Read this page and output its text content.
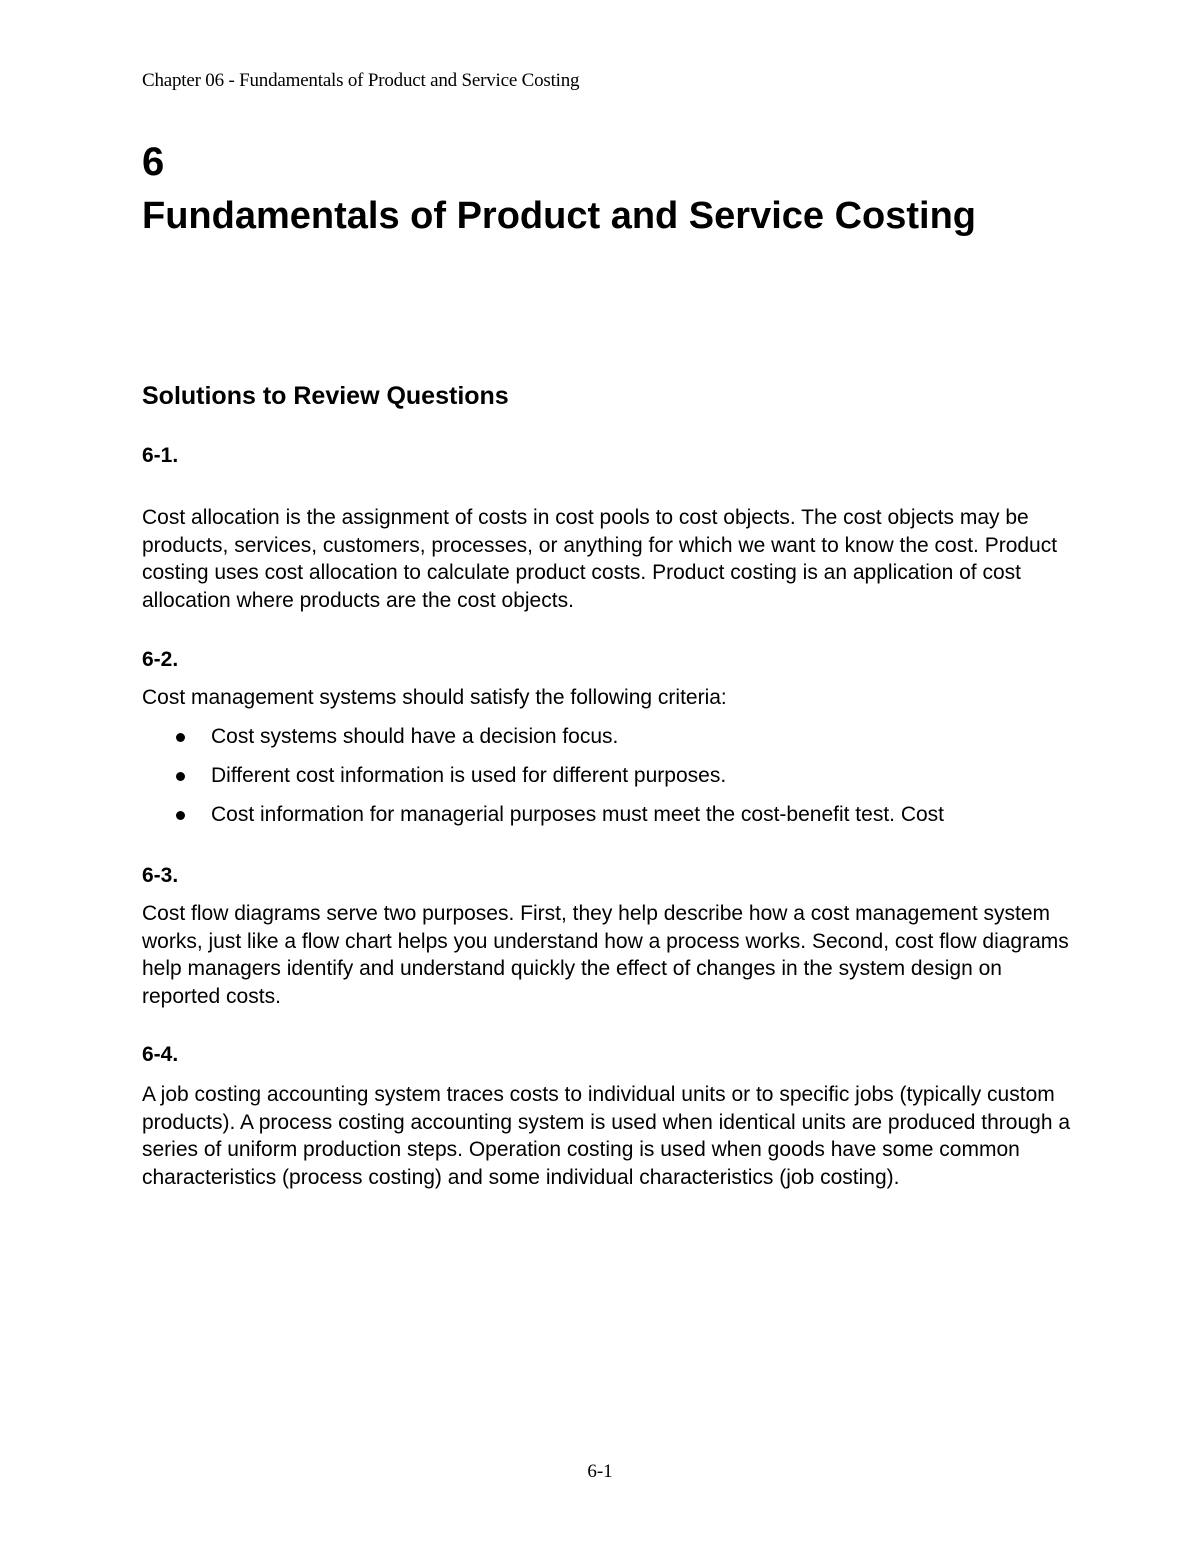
Chapter 06 - Fundamentals of Product and Service Costing
6
Fundamentals of Product and Service Costing
Solutions to Review Questions
6-1.
Cost allocation is the assignment of costs in cost pools to cost objects. The cost objects may be products, services, customers, processes, or anything for which we want to know the cost. Product costing uses cost allocation to calculate product costs. Product costing is an application of cost allocation where products are the cost objects.
6-2.
Cost management systems should satisfy the following criteria:
Cost systems should have a decision focus.
Different cost information is used for different purposes.
Cost information for managerial purposes must meet the cost-benefit test. Cost
6-3.
Cost flow diagrams serve two purposes. First, they help describe how a cost management system works, just like a flow chart helps you understand how a process works. Second, cost flow diagrams help managers identify and understand quickly the effect of changes in the system design on reported costs.
6-4.
A job costing accounting system traces costs to individual units or to specific jobs (typically custom products). A process costing accounting system is used when identical units are produced through a series of uniform production steps. Operation costing is used when goods have some common characteristics (process costing) and some individual characteristics (job costing).
6-1
